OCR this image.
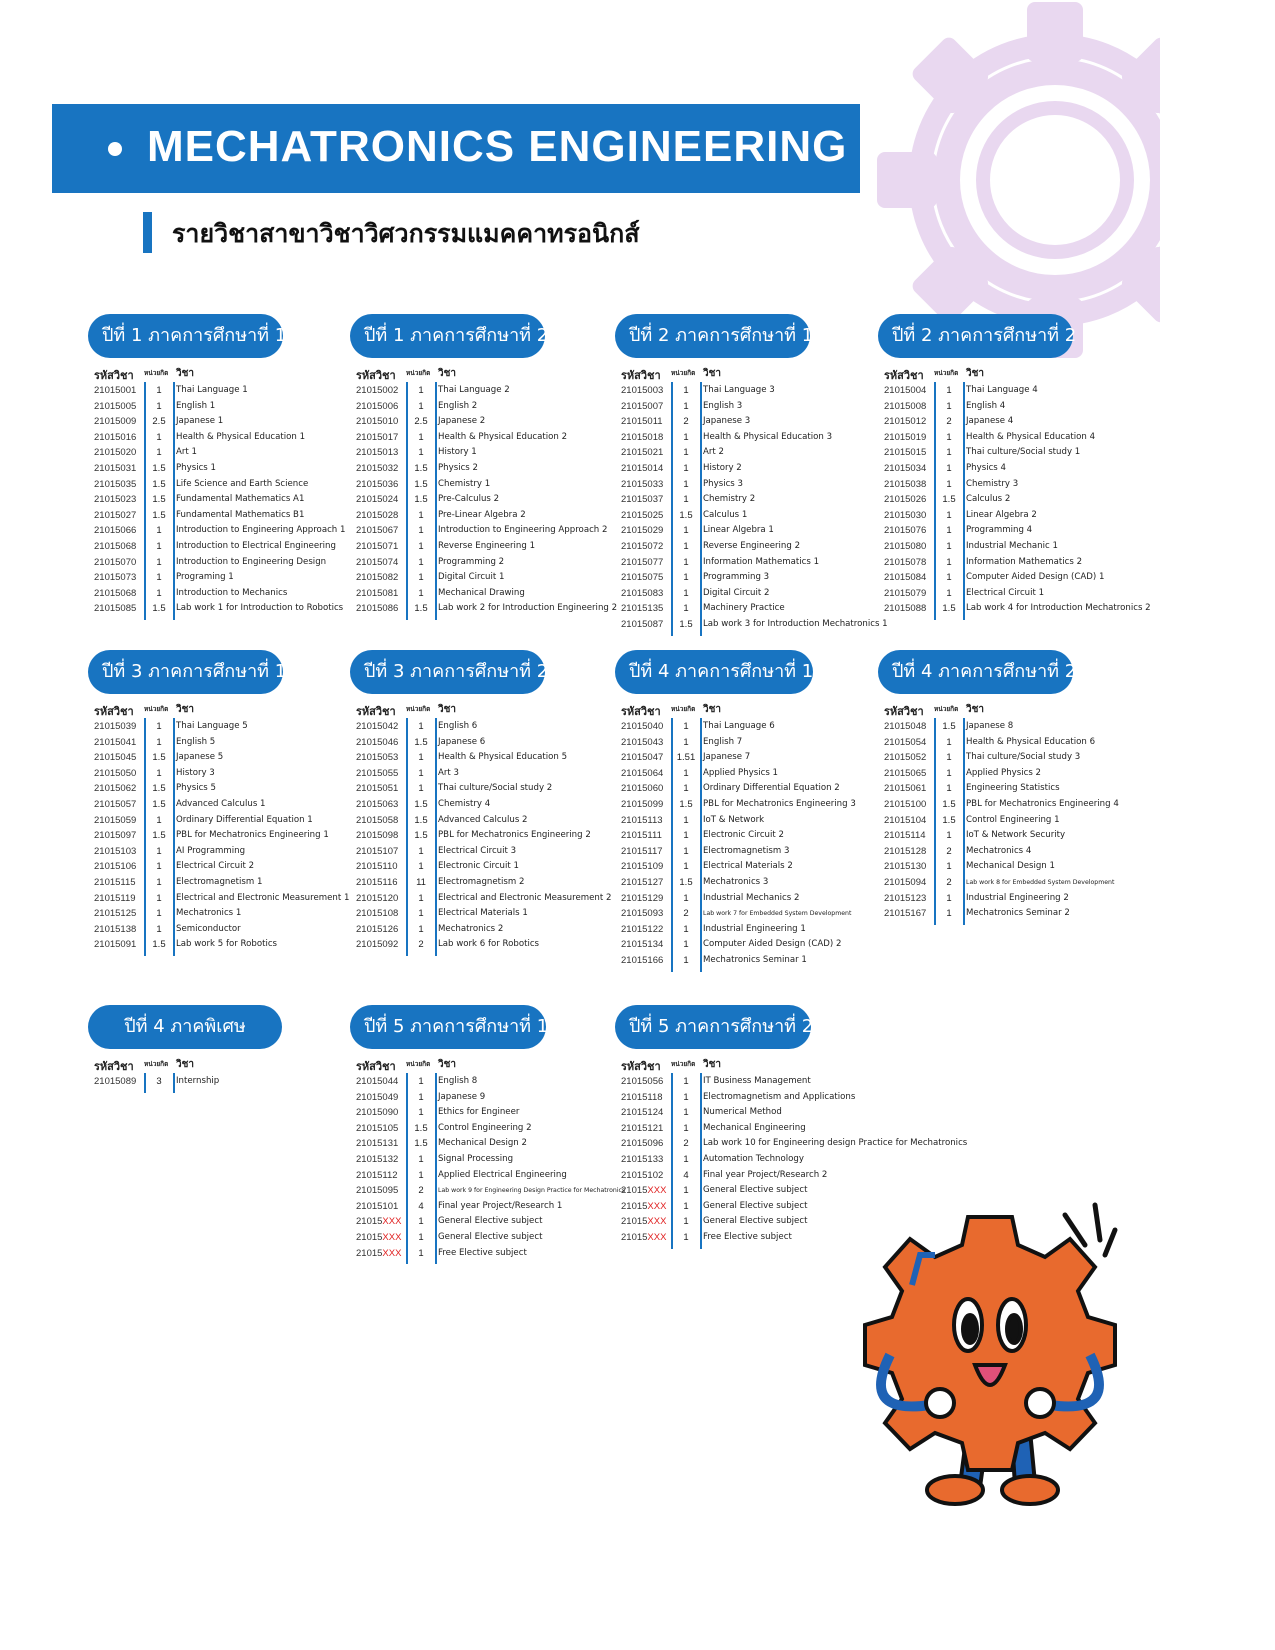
MECHATRONICS ENGINEERING
รายวิชาสาขาวิชาวิศวกรรมแมคคาทรอนิกส์
ปีที่ 1 ภาคการศึกษาที่ 1
รหัสวิชา หน่วยกิต วิชา
21015001	1	Thai Language 1
21015005	1	English 1
21015009	2.5	Japanese 1
21015016	1	Health & Physical Education 1
21015020	1	Art 1
21015031	1.5	Physics 1
21015035	1.5	Life Science and Earth Science
21015023	1.5	Fundamental Mathematics A1
21015027	1.5	Fundamental Mathematics B1
21015066	1	Introduction to Engineering Approach 1
21015068	1	Introduction to Electrical Engineering
21015070	1	Introduction to Engineering Design
21015073	1	Programing 1
21015068	1	Introduction to Mechanics
21015085	1.5	Lab work 1 for Introduction to Robotics
ปีที่ 1 ภาคการศึกษาที่ 2
รหัสวิชา หน่วยกิต วิชา
21015002	1	Thai Language 2
21015006	1	English 2
21015010	2.5	Japanese 2
21015017	1	Health & Physical Education 2
21015013	1	History 1
21015032	1.5	Physics 2
21015036	1.5	Chemistry 1
21015024	1.5	Pre-Calculus 2
21015028	1	Pre-Linear Algebra 2
21015067	1	Introduction to Engineering Approach 2
21015071	1	Reverse Engineering 1
21015074	1	Programming 2
21015082	1	Digital Circuit 1
21015081	1	Mechanical Drawing
21015086	1.5	Lab work 2 for Introduction Engineering 2
ปีที่ 2 ภาคการศึกษาที่ 1
รหัสวิชา หน่วยกิต วิชา
21015003	1	Thai Language 3
21015007	1	English 3
21015011	2	Japanese 3
21015018	1	Health & Physical Education 3
21015021	1	Art 2
21015014	1	History 2
21015033	1	Physics 3
21015037	1	Chemistry 2
21015025	1.5	Calculus 1
21015029	1	Linear Algebra 1
21015072	1	Reverse Engineering 2
21015077	1	Information Mathematics 1
21015075	1	Programming 3
21015083	1	Digital Circuit 2
21015135	1	Machinery Practice
21015087	1.5	Lab work 3 for Introduction Mechatronics 1
ปีที่ 2 ภาคการศึกษาที่ 2
รหัสวิชา หน่วยกิต วิชา
21015004	1	Thai Language 4
21015008	1	English 4
21015012	2	Japanese 4
21015019	1	Health & Physical Education 4
21015015	1	Thai culture/Social study 1
21015034	1	Physics 4
21015038	1	Chemistry 3
21015026	1.5	Calculus 2
21015030	1	Linear Algebra 2
21015076	1	Programming 4
21015080	1	Industrial Mechanic 1
21015078	1	Information Mathematics 2
21015084	1	Computer Aided Design (CAD) 1
21015079	1	Electrical Circuit 1
21015088	1.5	Lab work 4 for Introduction Mechatronics 2
ปีที่ 3 ภาคการศึกษาที่ 1
รหัสวิชา หน่วยกิต วิชา
21015039	1	Thai Language 5
21015041	1	English 5
21015045	1.5	Japanese 5
21015050	1	History 3
21015062	1.5	Physics 5
21015057	1.5	Advanced Calculus 1
21015059	1	Ordinary Differential Equation 1
21015097	1.5	PBL for Mechatronics Engineering 1
21015103	1	AI Programming
21015106	1	Electrical Circuit 2
21015115	1	Electromagnetism 1
21015119	1	Electrical and Electronic Measurement 1
21015125	1	Mechatronics 1
21015138	1	Semiconductor
21015091	1.5	Lab work 5 for Robotics
ปีที่ 3 ภาคการศึกษาที่ 2
รหัสวิชา หน่วยกิต วิชา
21015042	1	English 6
21015046	1.5	Japanese 6
21015053	1	Health & Physical Education 5
21015055	1	Art 3
21015051	1	Thai culture/Social study 2
21015063	1.5	Chemistry 4
21015058	1.5	Advanced Calculus 2
21015098	1.5	PBL for Mechatronics Engineering 2
21015107	1	Electrical Circuit 3
21015110	1	Electronic Circuit 1
21015116	11	Electromagnetism 2
21015120	1	Electrical and Electronic Measurement 2
21015108	1	Electrical Materials 1
21015126	1	Mechatronics 2
21015092	2	Lab work 6 for Robotics
ปีที่ 4 ภาคการศึกษาที่ 1
รหัสวิชา หน่วยกิต วิชา
21015040	1	Thai Language 6
21015043	1	English 7
21015047	1.51 Japanese 7
21015064	1	Applied Physics 1
21015060	1	Ordinary Differential Equation 2
21015099	1.5	PBL for Mechatronics Engineering 3
21015113	1	IoT & Network
21015111	1	Electronic Circuit 2
21015117	1	Electromagnetism 3
21015109	1	Electrical Materials 2
21015127	1.5	Mechatronics 3
21015129	1	Industrial Mechanics 2
21015093	2	Lab work 7 for Embedded System Development
21015122	1	Industrial Engineering 1
21015134	1	Computer Aided Design (CAD) 2
21015166	1	Mechatronics Seminar 1
ปีที่ 4 ภาคการศึกษาที่ 2
รหัสวิชา หน่วยกิต วิชา
21015048	1.5	Japanese 8
21015054	1	Health & Physical Education 6
21015052	1	Thai culture/Social study 3
21015065	1	Applied Physics 2
21015061	1	Engineering Statistics
21015100	1.5	PBL for Mechatronics Engineering 4
21015104	1.5	Control Engineering 1
21015114	1	IoT & Network Security
21015128	2	Mechatronics 4
21015130	1	Mechanical Design 1
21015094	2	Lab work 8 for Embedded System Development
21015123	1	Industrial Engineering 2
21015167	1	Mechatronics Seminar 2
ปีที่ 4 ภาคพิเศษ
รหัสวิชา หน่วยกิต วิชา
21015089	3	Internship
ปีที่ 5 ภาคการศึกษาที่ 1
รหัสวิชา หน่วยกิต วิชา
21015044	1	English 8
21015049	1	Japanese 9
21015090	1	Ethics for Engineer
21015105	1.5	Control Engineering 2
21015131	1.5	Mechanical Design 2
21015132	1	Signal Processing
21015112	1	Applied Electrical Engineering
21015095	2	Lab work 9 for Engineering Design Practice for Mechatronics
21015101	4	Final year Project/Research 1
21015XXX	1	General Elective subject
21015XXX	1	General Elective subject
21015XXX	1	Free Elective subject
ปีที่ 5 ภาคการศึกษาที่ 2
รหัสวิชา หน่วยกิต วิชา
21015056	1	IT Business Management
21015118	1	Electromagnetism and Applications
21015124	1	Numerical Method
21015121	1	Mechanical Engineering
21015096	2	Lab work 10 for Engineering design Practice for Mechatronics
21015133	1	Automation Technology
21015102	4	Final year Project/Research 2
21015XXX	1	General Elective subject
21015XXX	1	General Elective subject
21015XXX	1	General Elective subject
21015XXX	1	Free Elective subject
